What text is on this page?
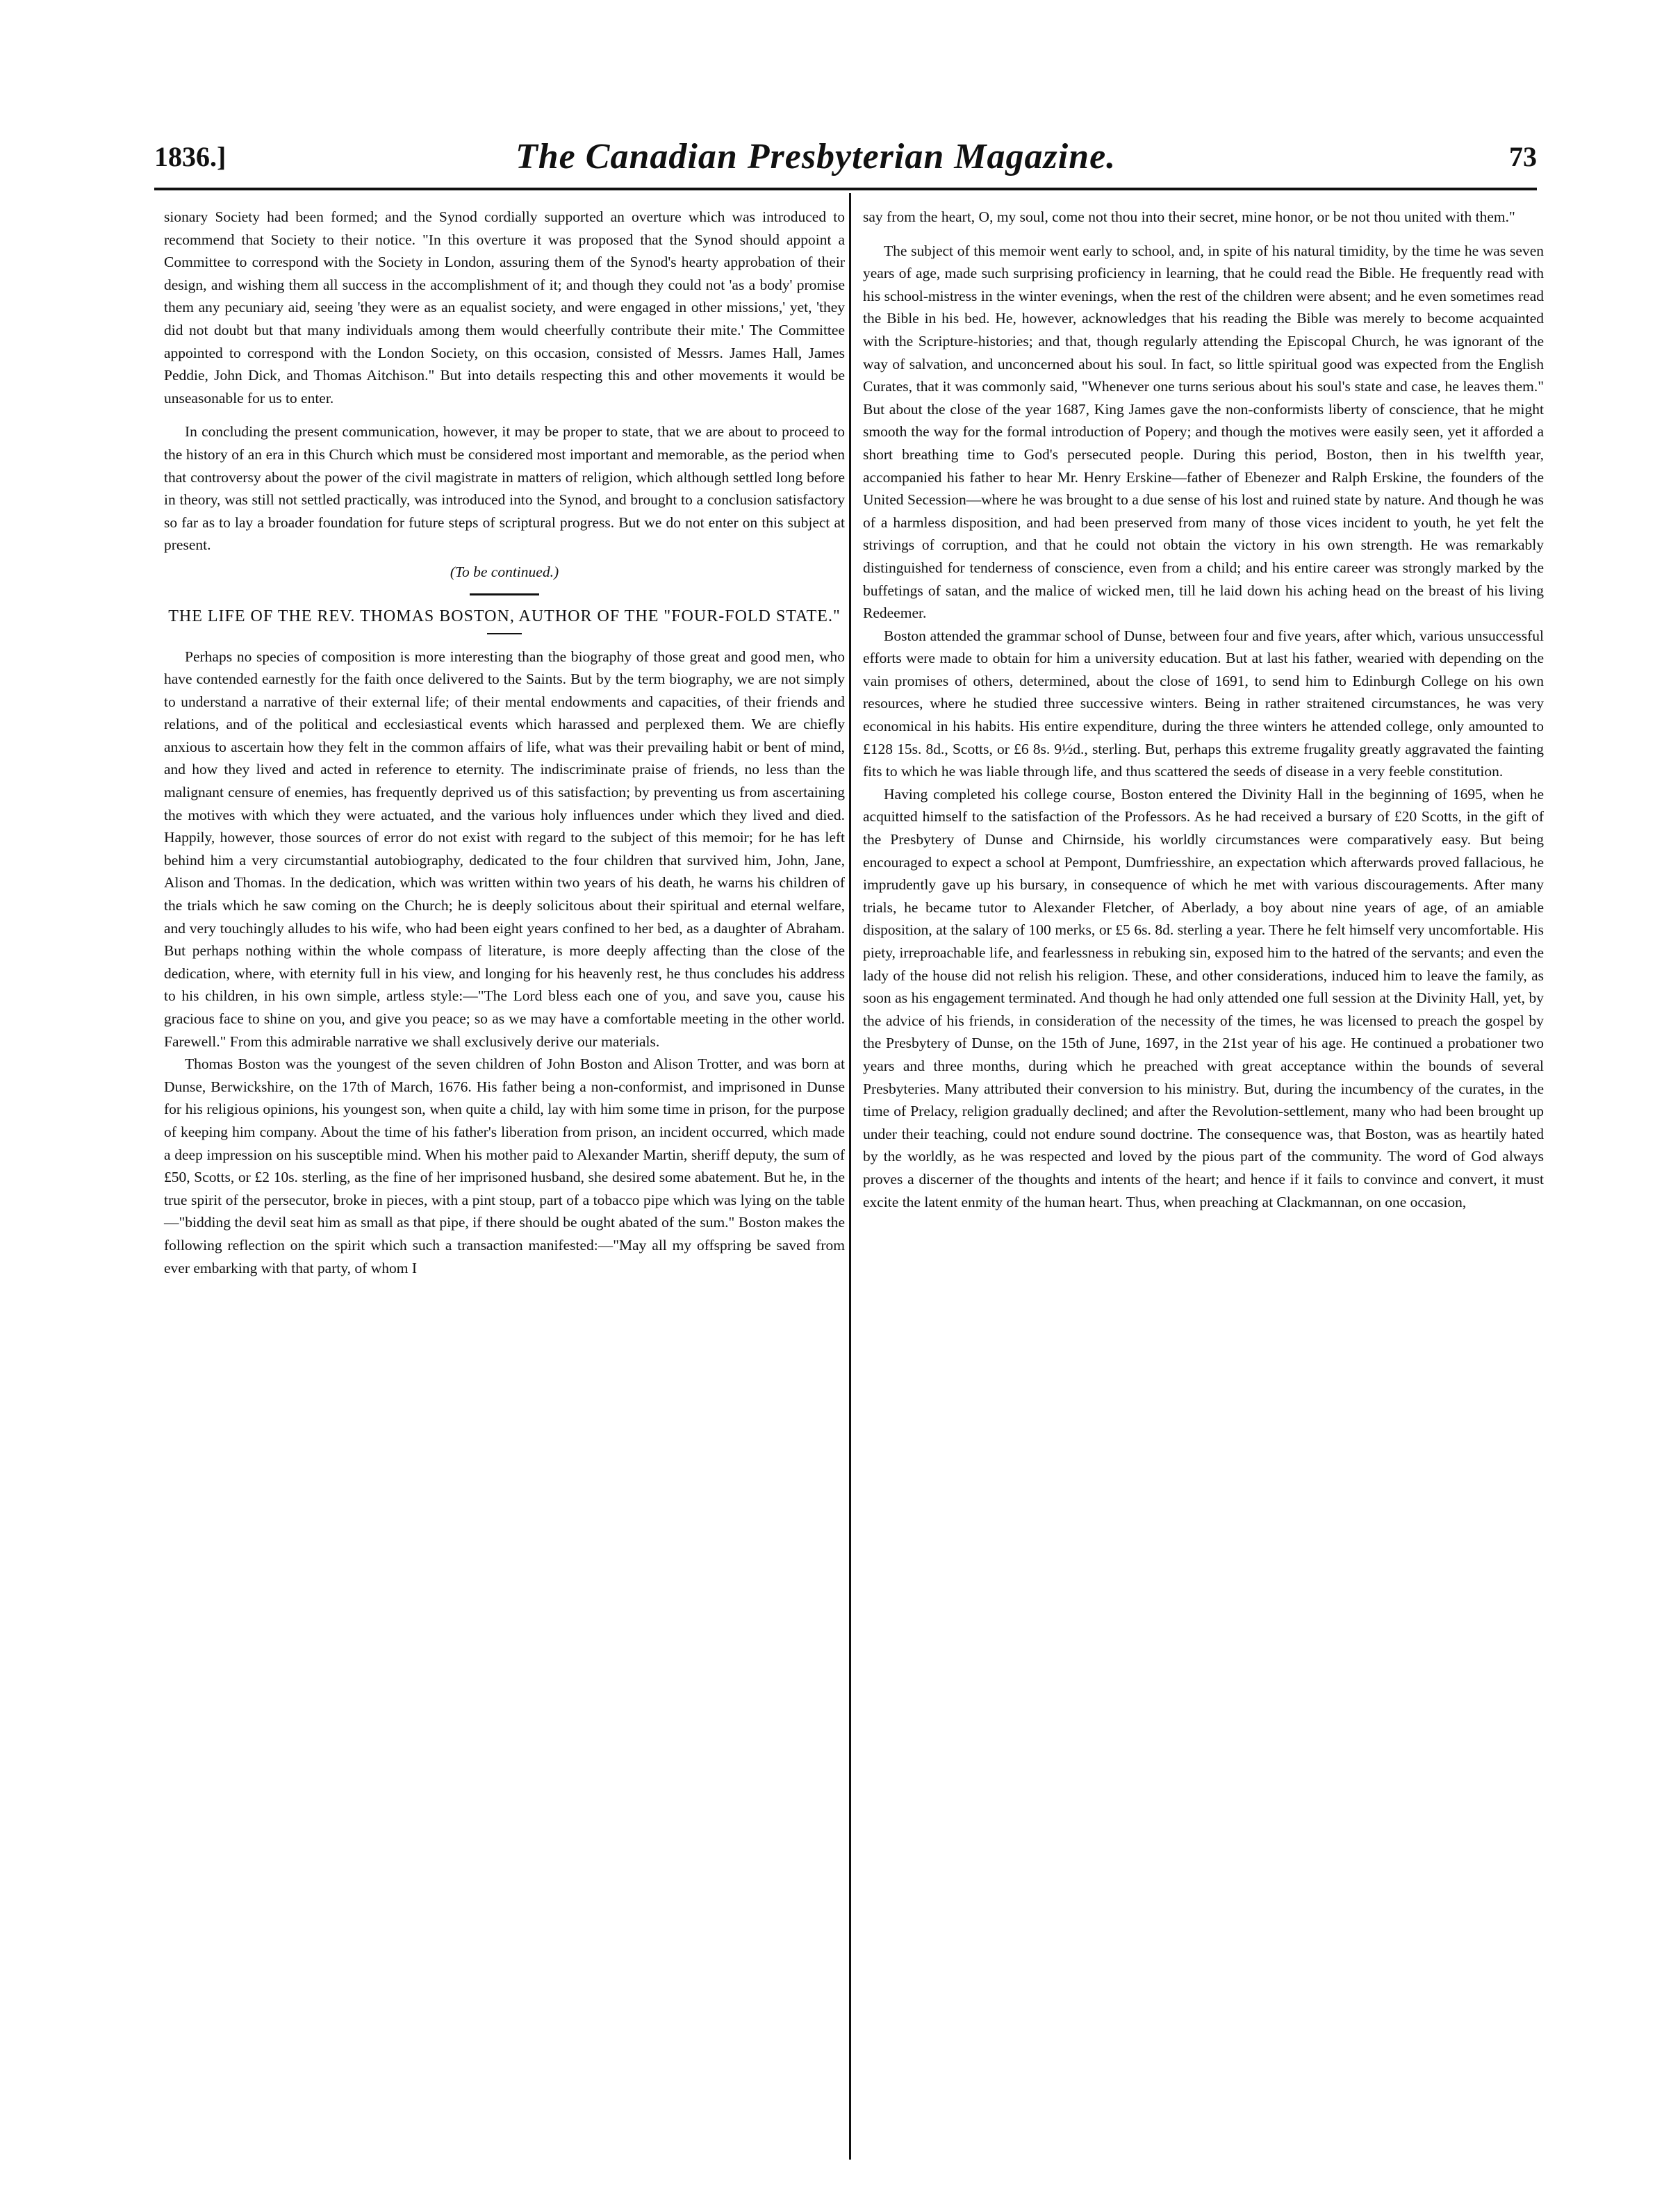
1836.]	The Canadian Presbyterian Magazine.	73

sionary Society had been formed; and the Synod cordially supported an overture which was introduced to recommend that Society to their notice. "In this overture it was proposed that the Synod should appoint a Committee to correspond with the Society in London, assuring them of the Synod's hearty approbation of their design, and wishing them all success in the accomplishment of it; and though they could not 'as a body' promise them any pecuniary aid, seeing 'they were as an equalist society, and were engaged in other missions,' yet, 'they did not doubt but that many individuals among them would cheerfully contribute their mite.' The Committee appointed to correspond with the London Society, on this occasion, consisted of Messrs. James Hall, James Peddie, John Dick, and Thomas Aitchison." But into details respecting this and other movements it would be unseasonable for us to enter.

In concluding the present communication, however, it may be proper to state, that we are about to proceed to the history of an era in this Church which must be considered most important and memorable, as the period when that controversy about the power of the civil magistrate in matters of religion, which although settled long before in theory, was still not settled practically, was introduced into the Synod, and brought to a conclusion satisfactory so far as to lay a broader foundation for future steps of scriptural progress. But we do not enter on this subject at present.

(To be continued.)

THE LIFE OF THE REV. THOMAS BOSTON, AUTHOR OF THE "FOUR-FOLD STATE."

Perhaps no species of composition is more interesting than the biography of those great and good men, who have contended earnestly for the faith once delivered to the Saints. But by the term biography, we are not simply to understand a narrative of their external life; of their mental endowments and capacities, of their friends and relations, and of the political and ecclesiastical events which harassed and perplexed them. We are chiefly anxious to ascertain how they felt in the common affairs of life, what was their prevailing habit or bent of mind, and how they lived and acted in reference to eternity. The indiscriminate praise of friends, no less than the malignant censure of enemies, has frequently deprived us of this satisfaction; by preventing us from ascertaining the motives with which they were actuated, and the various holy influences under which they lived and died. Happily, however, those sources of error do not exist with regard to the subject of this memoir; for he has left behind him a very circumstantial autobiography, dedicated to the four children that survived him, John, Jane, Alison and Thomas. In the dedication, which was written within two years of his death, he warns his children of the trials which he saw coming on the Church; he is deeply solicitous about their spiritual and eternal welfare, and very touchingly alludes to his wife, who had been eight years confined to her bed, as a daughter of Abraham. But perhaps nothing within the whole compass of literature, is more deeply affecting than the close of the dedication, where, with eternity full in his view, and longing for his heavenly rest, he thus concludes his address to his children, in his own simple, artless style:—"The Lord bless each one of you, and save you, cause his gracious face to shine on you, and give you peace; so as we may have a comfortable meeting in the other world. Farewell." From this admirable narrative we shall exclusively derive our materials.

Thomas Boston was the youngest of the seven children of John Boston and Alison Trotter, and was born at Dunse, Berwickshire, on the 17th of March, 1676. His father being a non-conformist, and imprisoned in Dunse for his religious opinions, his youngest son, when quite a child, lay with him some time in prison, for the purpose of keeping him company. About the time of his father's liberation from prison, an incident occurred, which made a deep impression on his susceptible mind. When his mother paid to Alexander Martin, sheriff deputy, the sum of £50, Scotts, or £2 10s. sterling, as the fine of her imprisoned husband, she desired some abatement. But he, in the true spirit of the persecutor, broke in pieces, with a pint stoup, part of a tobacco pipe which was lying on the table—"bidding the devil seat him as small as that pipe, if there should be ought abated of the sum." Boston makes the following reflection on the spirit which such a transaction manifested:—"May all my offspring be saved from ever embarking with that party, of whom I

say from the heart, O, my soul, come not thou into their secret, mine honor, or be not thou united with them."

The subject of this memoir went early to school, and, in spite of his natural timidity, by the time he was seven years of age, made such surprising proficiency in learning, that he could read the Bible. He frequently read with his school-mistress in the winter evenings, when the rest of the children were absent; and he even sometimes read the Bible in his bed. He, however, acknowledges that his reading the Bible was merely to become acquainted with the Scripture-histories; and that, though regularly attending the Episcopal Church, he was ignorant of the way of salvation, and unconcerned about his soul. In fact, so little spiritual good was expected from the English Curates, that it was commonly said, "Whenever one turns serious about his soul's state and case, he leaves them." But about the close of the year 1687, King James gave the non-conformists liberty of conscience, that he might smooth the way for the formal introduction of Popery; and though the motives were easily seen, yet it afforded a short breathing time to God's persecuted people. During this period, Boston, then in his twelfth year, accompanied his father to hear Mr. Henry Erskine—father of Ebenezer and Ralph Erskine, the founders of the United Secession—where he was brought to a due sense of his lost and ruined state by nature. And though he was of a harmless disposition, and had been preserved from many of those vices incident to youth, he yet felt the strivings of corruption, and that he could not obtain the victory in his own strength. He was remarkably distinguished for tenderness of conscience, even from a child; and his entire career was strongly marked by the buffetings of satan, and the malice of wicked men, till he laid down his aching head on the breast of his living Redeemer.

Boston attended the grammar school of Dunse, between four and five years, after which, various unsuccessful efforts were made to obtain for him a university education. But at last his father, wearied with depending on the vain promises of others, determined, about the close of 1691, to send him to Edinburgh College on his own resources, where he studied three successive winters. Being in rather straitened circumstances, he was very economical in his habits. His entire expenditure, during the three winters he attended college, only amounted to £128 15s. 8d., Scotts, or £6 8s. 9½d., sterling. But, perhaps this extreme frugality greatly aggravated the fainting fits to which he was liable through life, and thus scattered the seeds of disease in a very feeble constitution.

Having completed his college course, Boston entered the Divinity Hall in the beginning of 1695, when he acquitted himself to the satisfaction of the Professors. As he had received a bursary of £20 Scotts, in the gift of the Presbytery of Dunse and Chirnside, his worldly circumstances were comparatively easy. But being encouraged to expect a school at Pempont, Dumfriesshire, an expectation which afterwards proved fallacious, he imprudently gave up his bursary, in consequence of which he met with various discouragements. After many trials, he became tutor to Alexander Fletcher, of Aberlady, a boy about nine years of age, of an amiable disposition, at the salary of 100 merks, or £5 6s. 8d. sterling a year. There he felt himself very uncomfortable. His piety, irreproachable life, and fearlessness in rebuking sin, exposed him to the hatred of the servants; and even the lady of the house did not relish his religion. These, and other considerations, induced him to leave the family, as soon as his engagement terminated. And though he had only attended one full session at the Divinity Hall, yet, by the advice of his friends, in consideration of the necessity of the times, he was licensed to preach the gospel by the Presbytery of Dunse, on the 15th of June, 1697, in the 21st year of his age. He continued a probationer two years and three months, during which he preached with great acceptance within the bounds of several Presbyteries. Many attributed their conversion to his ministry. But, during the incumbency of the curates, in the time of Prelacy, religion gradually declined; and after the Revolution-settlement, many who had been brought up under their teaching, could not endure sound doctrine. The consequence was, that Boston, was as heartily hated by the worldly, as he was respected and loved by the pious part of the community. The word of God always proves a discerner of the thoughts and intents of the heart; and hence if it fails to convince and convert, it must excite the latent enmity of the human heart. Thus, when preaching at Clackmannan, on one occasion,
